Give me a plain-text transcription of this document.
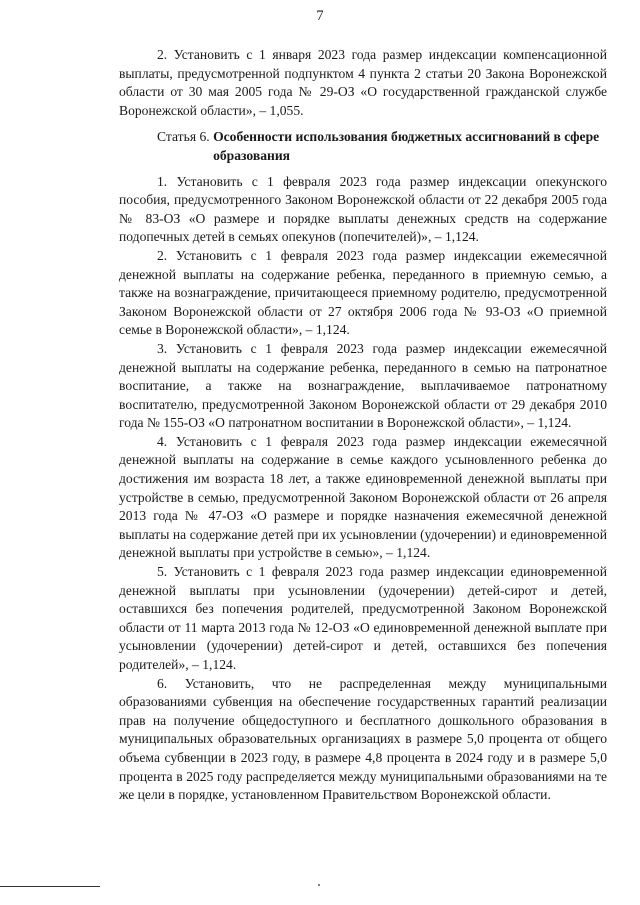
7

2. Установить с 1 января 2023 года размер индексации компенсационной выплаты, предусмотренной подпунктом 4 пункта 2 статьи 20 Закона Воронежской области от 30 мая 2005 года № 29-ОЗ «О государственной гражданской службе Воронежской области», – 1,055.

Статья 6. Особенности использования бюджетных ассигнований в сфере образования

1. Установить с 1 февраля 2023 года размер индексации опекунского пособия, предусмотренного Законом Воронежской области от 22 декабря 2005 года № 83-ОЗ «О размере и порядке выплаты денежных средств на содержание подопечных детей в семьях опекунов (попечителей)», – 1,124.

2. Установить с 1 февраля 2023 года размер индексации ежемесячной денежной выплаты на содержание ребенка, переданного в приемную семью, а также на вознаграждение, причитающееся приемному родителю, предусмотренной Законом Воронежской области от 27 октября 2006 года № 93-ОЗ «О приемной семье в Воронежской области», – 1,124.

3. Установить с 1 февраля 2023 года размер индексации ежемесячной денежной выплаты на содержание ребенка, переданного в семью на патронатное воспитание, а также на вознаграждение, выплачиваемое патронатному воспитателю, предусмотренной Законом Воронежской области от 29 декабря 2010 года № 155-ОЗ «О патронатном воспитании в Воронежской области», – 1,124.

4. Установить с 1 февраля 2023 года размер индексации ежемесячной денежной выплаты на содержание в семье каждого усыновленного ребенка до достижения им возраста 18 лет, а также единовременной денежной выплаты при устройстве в семью, предусмотренной Законом Воронежской области от 26 апреля 2013 года № 47-ОЗ «О размере и порядке назначения ежемесячной денежной выплаты на содержание детей при их усыновлении (удочерении) и единовременной денежной выплаты при устройстве в семью», – 1,124.

5. Установить с 1 февраля 2023 года размер индексации единовременной денежной выплаты при усыновлении (удочерении) детей-сирот и детей, оставшихся без попечения родителей, предусмотренной Законом Воронежской области от 11 марта 2013 года № 12-ОЗ «О единовременной денежной выплате при усыновлении (удочерении) детей-сирот и детей, оставшихся без попечения родителей», – 1,124.

6. Установить, что не распределенная между муниципальными образованиями субвенция на обеспечение государственных гарантий реализации прав на получение общедоступного и бесплатного дошкольного образования в муниципальных образовательных организациях в размере 5,0 процента от общего объема субвенции в 2023 году, в размере 4,8 процента в 2024 году и в размере 5,0 процента в 2025 году распределяется между муниципальными образованиями на те же цели в порядке, установленном Правительством Воронежской области.
